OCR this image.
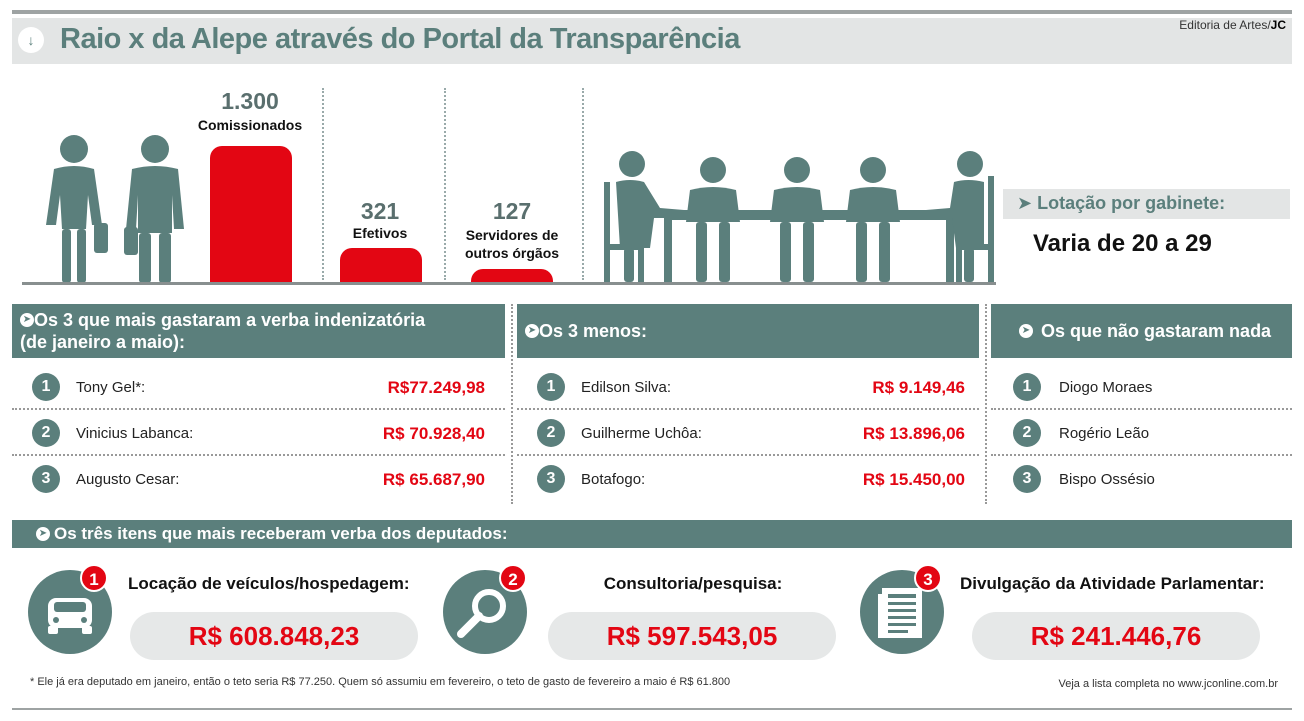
↓ Raio x da Alepe através do Portal da Transparência	Editoria de Artes/JC
1.300
Comissionados
321
Efetivos
127
Servidores de
outros órgãos
➤ Lotação por gabinete:
Varia de 20 a 29
➤ Os 3 que mais gastaram a verba indenizatória
(de janeiro a maio):
1	Tony Gel*:	R$77.249,98
2	Vinicius Labanca:	R$ 70.928,40
3	Augusto Cesar:	R$ 65.687,90
➤ Os 3 menos:
1	Edilson Silva:	R$ 9.149,46
2	Guilherme Uchôa:	R$ 13.896,06
3	Botafogo:	R$ 15.450,00
➤ Os que não gastaram nada
1	Diogo Moraes
2	Rogério Leão
3	Bispo Ossésio
➤ Os três itens que mais receberam verba dos deputados:
1	Locação de veículos/hospedagem:
R$ 608.848,23
2	Consultoria/pesquisa:
R$ 597.543,05
3	Divulgação da Atividade Parlamentar:
R$ 241.446,76
* Ele já era deputado em janeiro, então o teto seria R$ 77.250. Quem só assumiu em fevereiro, o teto de gasto de fevereiro a maio é R$ 61.800	Veja a lista completa no www.jconline.com.br
